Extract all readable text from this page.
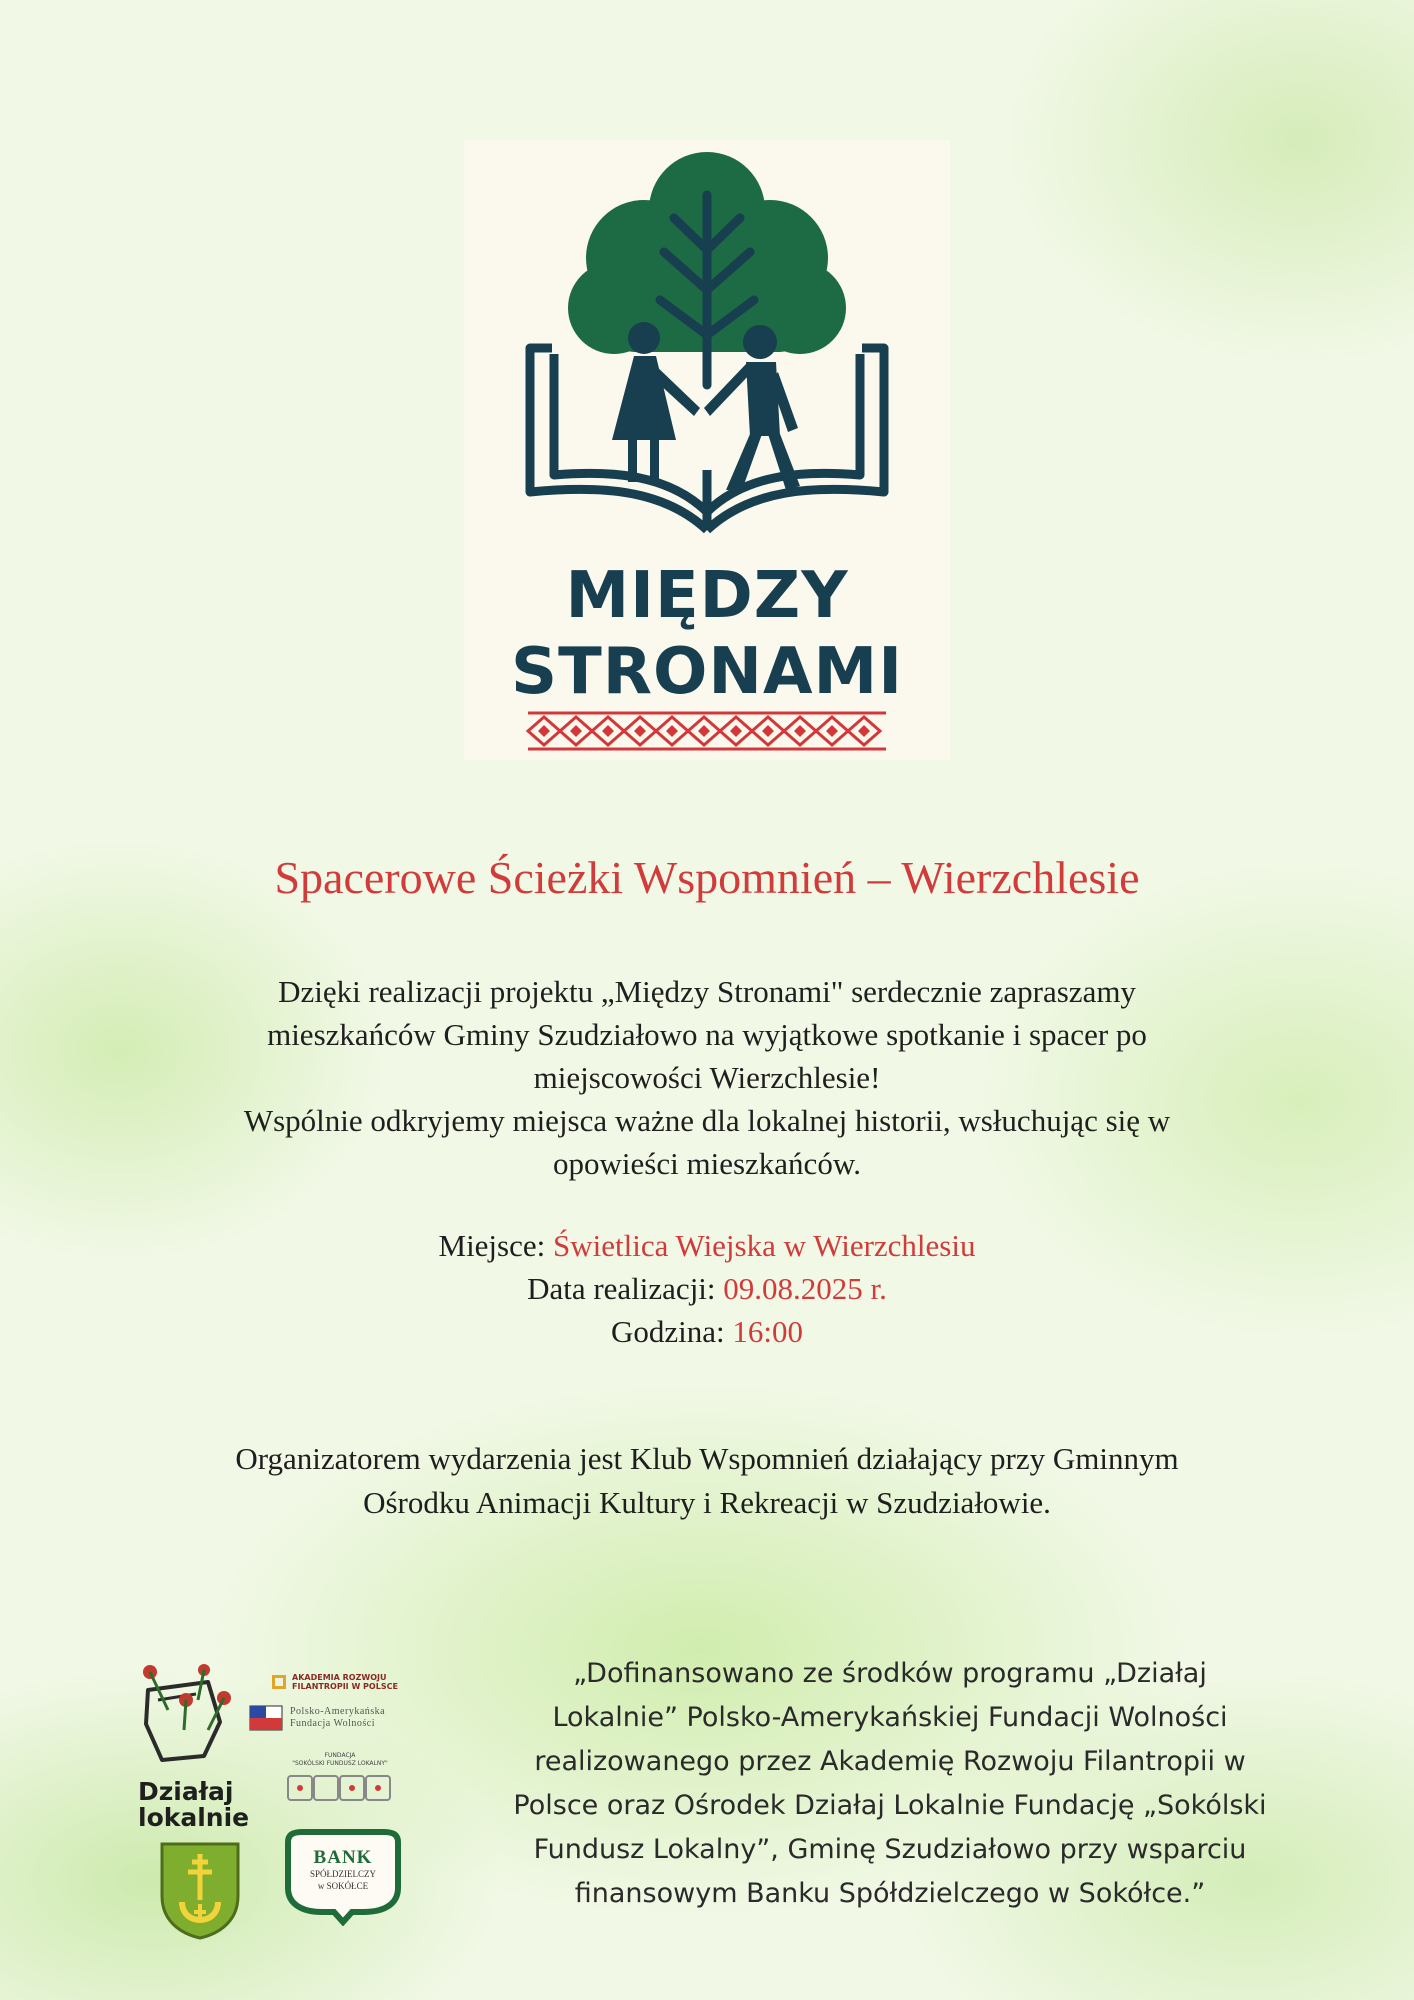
MIĘDZY
STRONAMI
Spacerowe Ścieżki Wspomnień – Wierzchlesie

Dzięki realizacji projektu „Między Stronami" serdecznie zapraszamy

mieszkańców Gminy Szudziałowo na wyjątkowe spotkanie i spacer po

miejscowości Wierzchlesie!

Wspólnie odkryjemy miejsca ważne dla lokalnej historii, wsłuchując się w

opowieści mieszkańców.

Miejsce: Świetlica Wiejska w Wierzchlesiu
Data realizacji: 09.08.2025 r.
Godzina: 16:00
Organizatorem wydarzenia jest Klub Wspomnień działający przy Gminnym
Ośrodku Animacji Kultury i Rekreacji w Szudziałowie.
Działaj
lokalnie
AKADEMIA ROZWOJU
FILANTROPII W POLSCE
Polsko-Amerykańska
Fundacja Wolności
FUNDACJA
"SOKÓLSKI FUNDUSZ LOKALNY"
BANK
SPÓŁDZIELCZY
w SOKÓŁCE
„Dofinansowano ze środków programu „Działaj
Lokalnie” Polsko-Amerykańskiej Fundacji Wolności
realizowanego przez Akademię Rozwoju Filantropii w
Polsce oraz Ośrodek Działaj Lokalnie Fundację „Sokólski
Fundusz Lokalny”, Gminę Szudziałowo przy wsparciu
finansowym Banku Spółdzielczego w Sokółce.”
